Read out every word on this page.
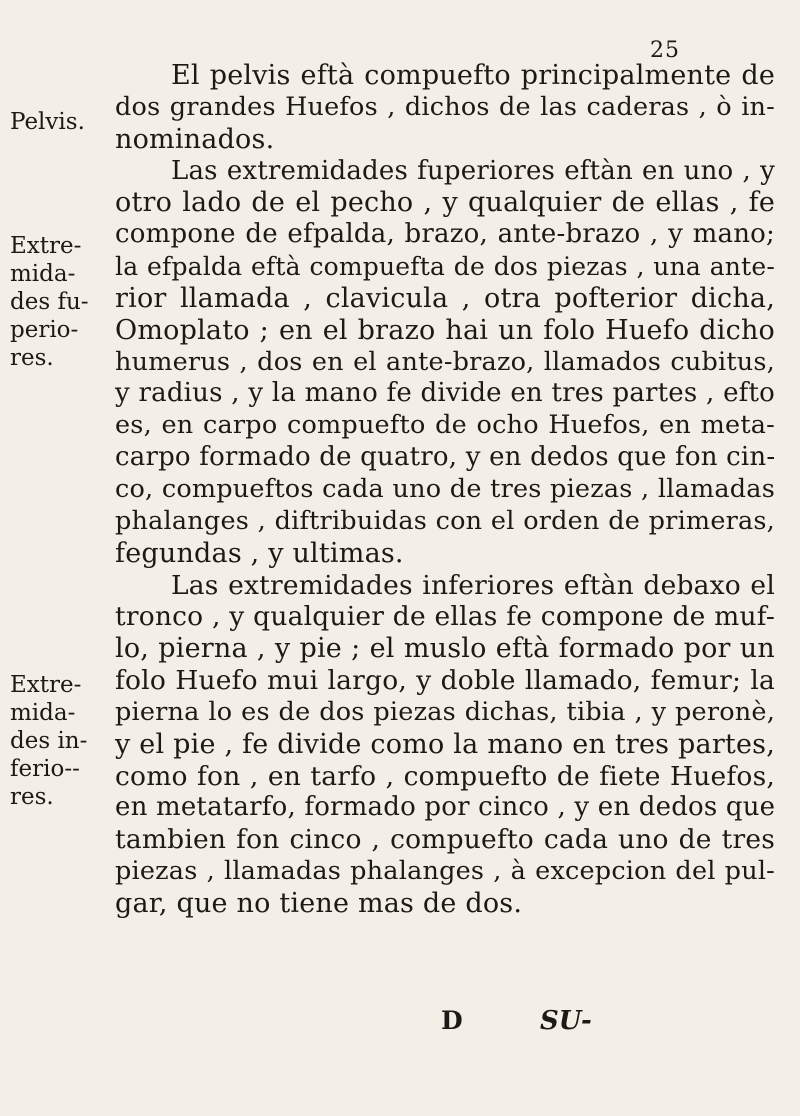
25
Pelvis.
Extre-
mida-
des fu-
perio-
res.
Extre-
mida-
des in-
ferio--
res.
El pelvis eftà compuefto principalmente de
dos grandes Huefos , dichos de las caderas , ò in-
nominados.
Las extremidades fuperiores eftàn en uno , y
otro lado de el pecho , y qualquier de ellas , fe
compone de efpalda, brazo, ante-brazo , y mano;
la efpalda eftà compuefta de dos piezas , una ante-
rior llamada , clavicula , otra pofterior dicha,
Omoplato ; en el brazo hai un folo Huefo dicho
humerus , dos en el ante-brazo, llamados cubitus,
y radius , y la mano fe divide en tres partes , efto
es, en carpo compuefto de ocho Huefos, en meta-
carpo formado de quatro, y en dedos que fon cin-
co, compueftos cada uno de tres piezas , llamadas
phalanges , diftribuidas con el orden de primeras,
fegundas , y ultimas.
Las extremidades inferiores eftàn debaxo el
tronco , y qualquier de ellas fe compone de muf-
lo, pierna , y pie ; el muslo eftà formado por un
folo Huefo mui largo, y doble llamado, femur; la
pierna lo es de dos piezas dichas, tibia , y peronè,
y el pie , fe divide como la mano en tres partes,
como fon , en tarfo , compuefto de fiete Huefos,
en metatarfo, formado por cinco , y en dedos que
tambien fon cinco , compuefto cada uno de tres
piezas , llamadas phalanges , à excepcion del pul-
gar, que no tiene mas de dos.
D	SU-
